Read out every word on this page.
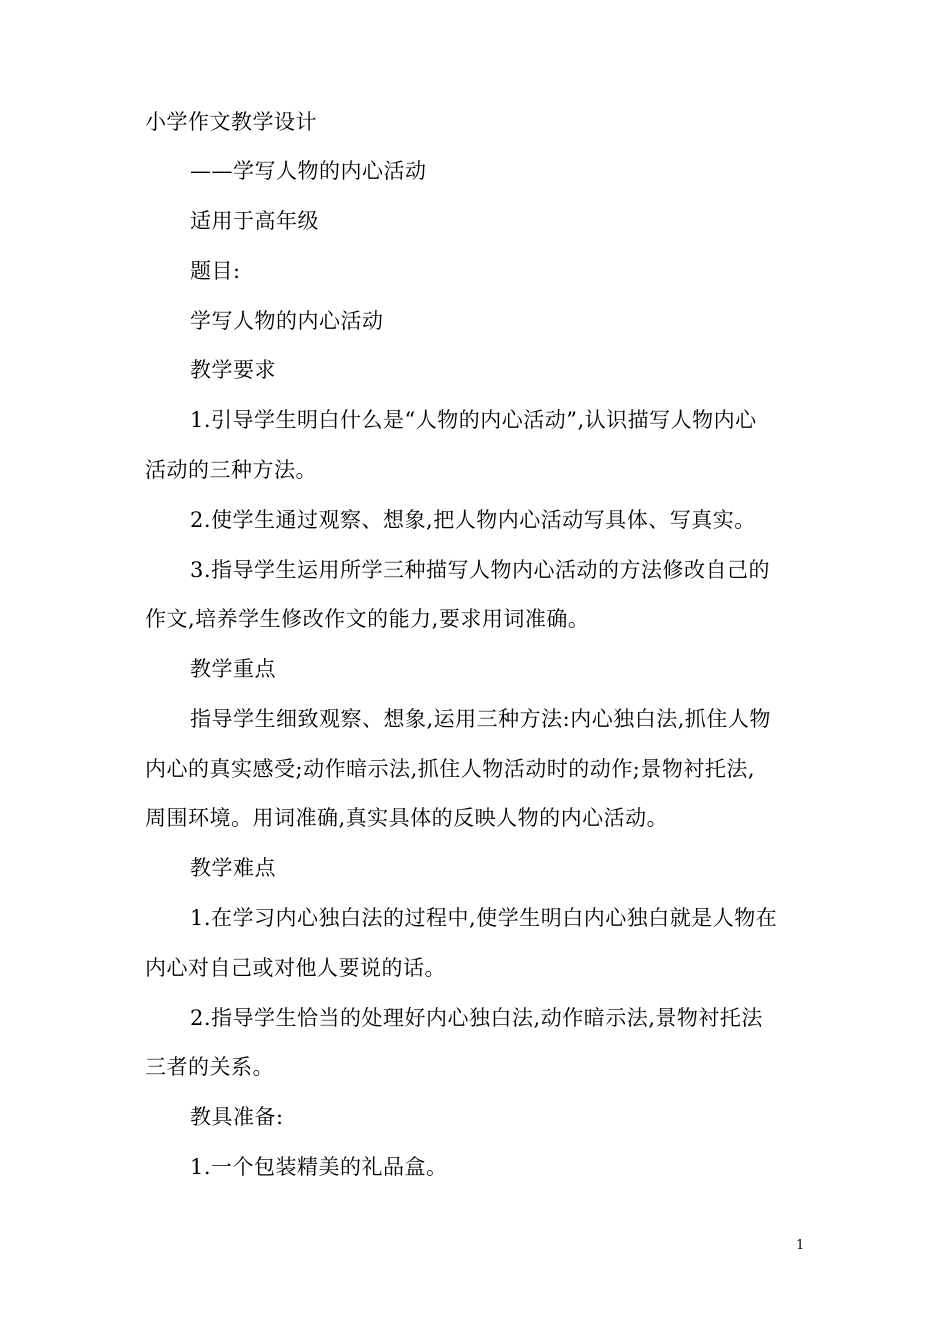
小学作文教学设计
——学写人物的内心活动
适用于高年级
题目:
学写人物的内心活动
教学要求
1.引导学生明白什么是“人物的内心活动”,认识描写人物内心
活动的三种方法。
2.使学生通过观察、想象,把人物内心活动写具体、写真实。
3.指导学生运用所学三种描写人物内心活动的方法修改自己的
作文,培养学生修改作文的能力,要求用词准确。
教学重点
指导学生细致观察、想象,运用三种方法:内心独白法,抓住人物
内心的真实感受;动作暗示法,抓住人物活动时的动作;景物衬托法,
周围环境。用词准确,真实具体的反映人物的内心活动。
教学难点
1.在学习内心独白法的过程中,使学生明白内心独白就是人物在
内心对自己或对他人要说的话。
2.指导学生恰当的处理好内心独白法,动作暗示法,景物衬托法
三者的关系。
教具准备:
1.一个包装精美的礼品盒。
1
